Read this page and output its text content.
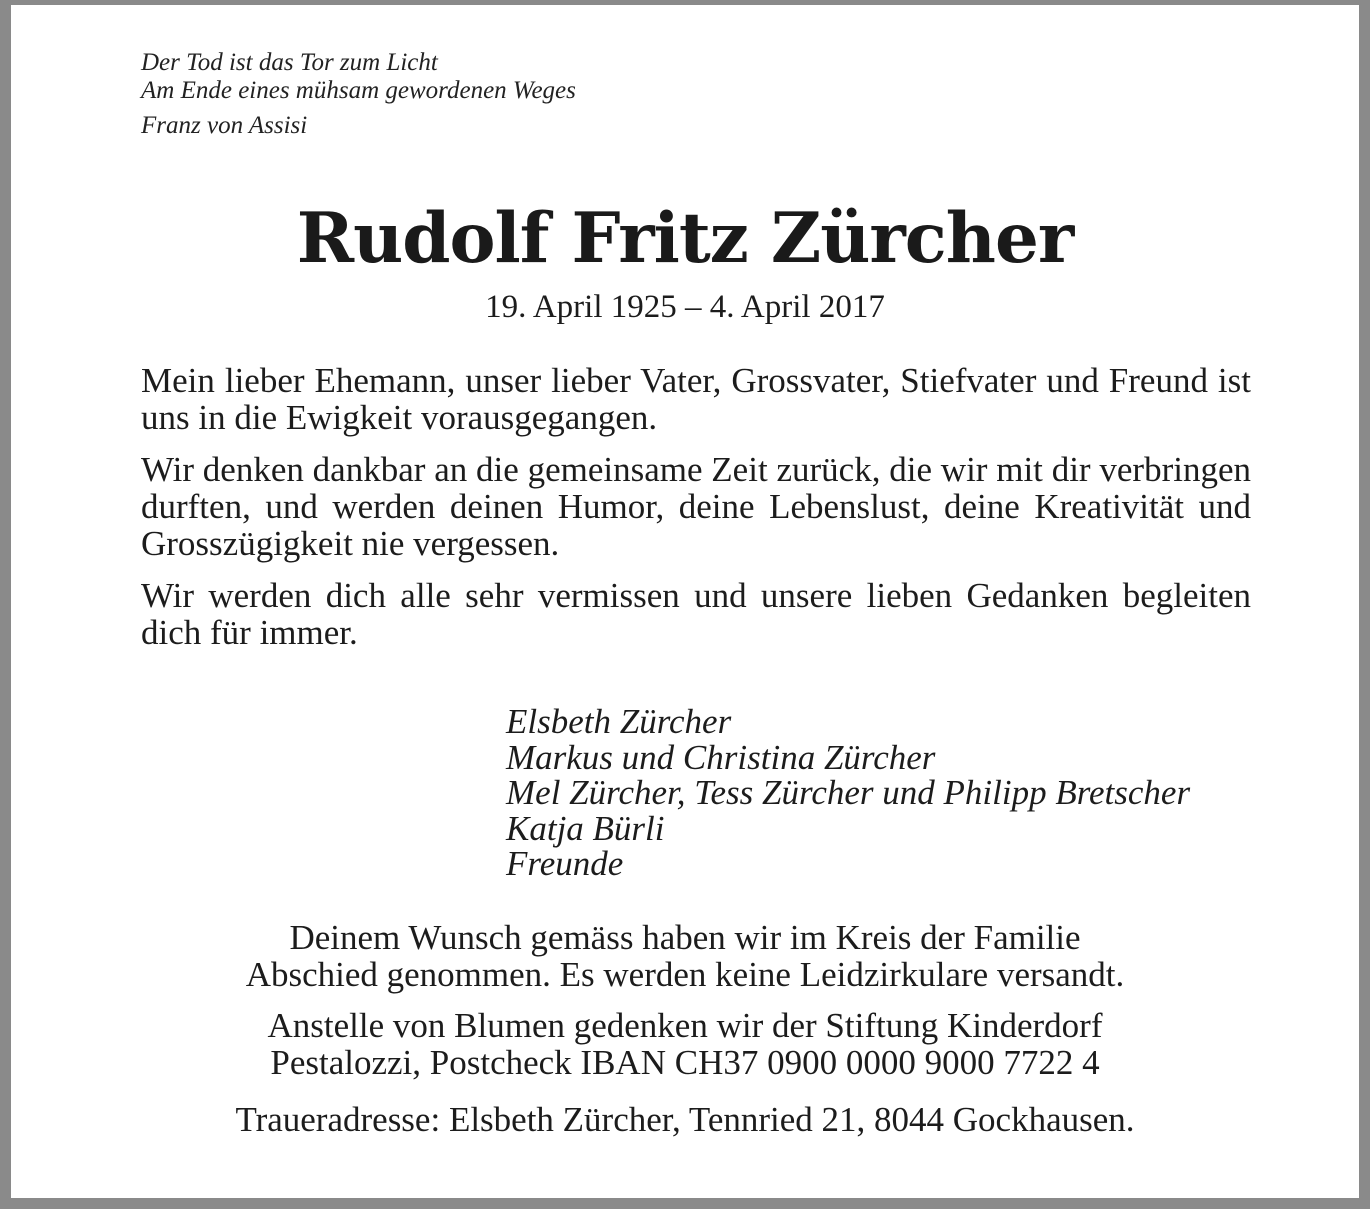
Der Tod ist das Tor zum Licht
Am Ende eines mühsam gewordenen Weges
Franz von Assisi
Rudolf Fritz Zürcher
19. April 1925 – 4. April 2017

Mein lieber Ehemann, unser lieber Vater, Grossvater, Stiefvater und Freund ist uns in die Ewigkeit vorausgegangen.

Wir denken dankbar an die gemeinsame Zeit zurück, die wir mit dir verbringen durften, und werden deinen Humor, deine Lebenslust, deine Kreativität und Grosszügigkeit nie vergessen.

Wir werden dich alle sehr vermissen und unsere lieben Gedanken begleiten dich für immer.

Elsbeth Zürcher
Markus und Christina Zürcher
Mel Zürcher, Tess Zürcher und Philipp Bretscher
Katja Bürli
Freunde

Deinem Wunsch gemäss haben wir im Kreis der Familie
Abschied genommen. Es werden keine Leidzirkulare versandt.

Anstelle von Blumen gedenken wir der Stiftung Kinderdorf
Pestalozzi, Postcheck IBAN CH37 0900 0000 9000 7722 4

Traueradresse: Elsbeth Zürcher, Tennried 21, 8044 Gockhausen.
